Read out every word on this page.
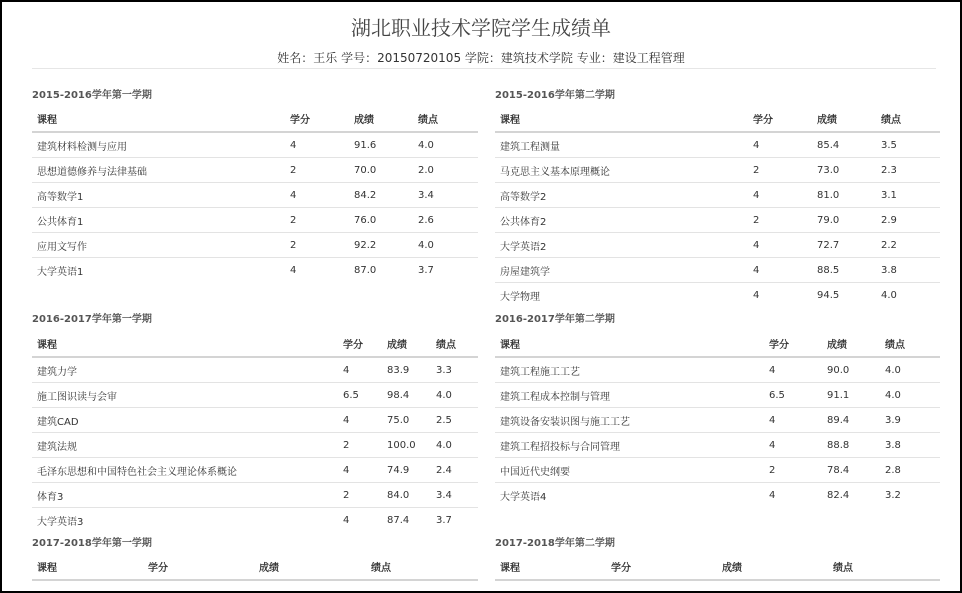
湖北职业技术学院学生成绩单
姓名：王乐 学号：20150720105 学院：建筑技术学院 专业：建设工程管理
2015-2016学年第一学期
课程	学分	成绩	绩点
建筑材料检测与应用	4	91.6	4.0
思想道德修养与法律基础	2	70.0	2.0
高等数学1	4	84.2	3.4
公共体育1	2	76.0	2.6
应用文写作	2	92.2	4.0
大学英语1	4	87.0	3.7
2015-2016学年第二学期
课程	学分	成绩	绩点
建筑工程测量	4	85.4	3.5
马克思主义基本原理概论	2	73.0	2.3
高等数学2	4	81.0	3.1
公共体育2	2	79.0	2.9
大学英语2	4	72.7	2.2
房屋建筑学	4	88.5	3.8
大学物理	4	94.5	4.0
2016-2017学年第一学期
课程	学分	成绩	绩点
建筑力学	4	83.9	3.3
施工图识读与会审	6.5	98.4	4.0
建筑CAD	4	75.0	2.5
建筑法规	2	100.0	4.0
毛泽东思想和中国特色社会主义理论体系概论	4	74.9	2.4
体育3	2	84.0	3.4
大学英语3	4	87.4	3.7
2016-2017学年第二学期
课程	学分	成绩	绩点
建筑工程施工工艺	4	90.0	4.0
建筑工程成本控制与管理	6.5	91.1	4.0
建筑设备安装识图与施工工艺	4	89.4	3.9
建筑工程招投标与合同管理	4	88.8	3.8
中国近代史纲要	2	78.4	2.8
大学英语4	4	82.4	3.2
2017-2018学年第一学期
课程	学分	成绩	绩点
2017-2018学年第二学期
课程	学分	成绩	绩点
